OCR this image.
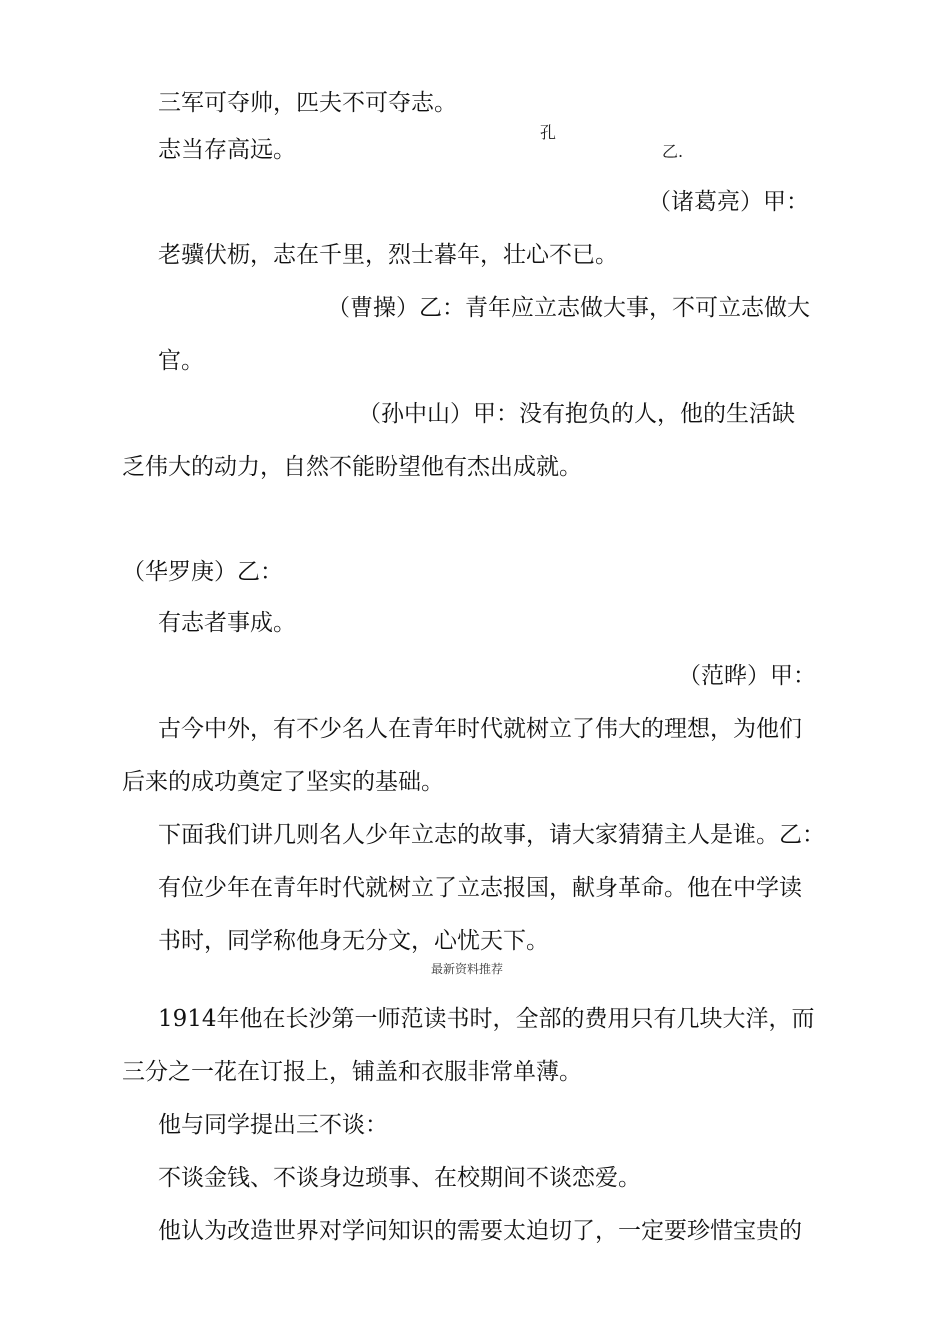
三军可夺帅，匹夫不可夺志。

志当存高远。

孔
乙.

（诸葛亮）甲：

老骥伏枥，志在千里，烈士暮年，壮心不已。

（曹操）乙：青年应立志做大事，不可立志做大

官。

（孙中山）甲：没有抱负的人，他的生活缺

乏伟大的动力，自然不能盼望他有杰出成就。

（华罗庚）乙：

有志者事成。

（范晔）甲：

古今中外，有不少名人在青年时代就树立了伟大的理想，为他们

后来的成功奠定了坚实的基础。

下面我们讲几则名人少年立志的故事，请大家猜猜主人是谁。乙：

有位少年在青年时代就树立了立志报国，献身革命。他在中学读

书时，同学称他身无分文，心忧天下。

最新资料推荐

1914年他在长沙第一师范读书时，全部的费用只有几块大洋，而

三分之一花在订报上，铺盖和衣服非常单薄。

他与同学提出三不谈：

不谈金钱、不谈身边琐事、在校期间不谈恋爱。

他认为改造世界对学问知识的需要太迫切了，一定要珍惜宝贵的
